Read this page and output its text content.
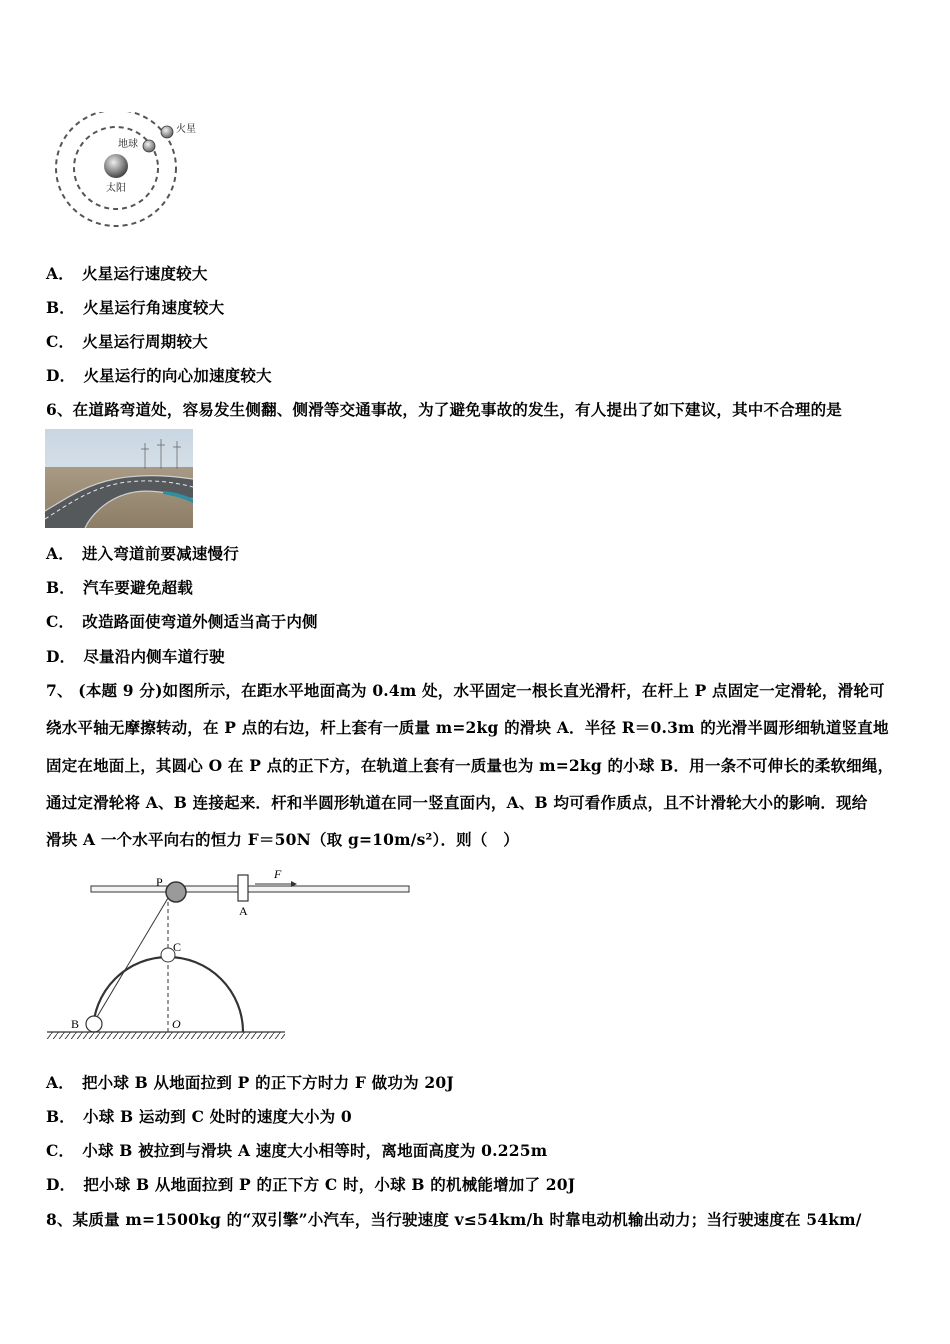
火星
地球
太阳
A． 火星运行速度较大
B． 火星运行角速度较大
C． 火星运行周期较大
D． 火星运行的向心加速度较大
6、在道路弯道处，容易发生侧翻、侧滑等交通事故，为了避免事故的发生，有人提出了如下建议，其中不合理的是
A． 进入弯道前要减速慢行
B． 汽车要避免超载
C． 改造路面使弯道外侧适当高于内侧
D． 尽量沿内侧车道行驶
7、 (本题 9 分)如图所示，在距水平地面高为 0.4m 处，水平固定一根长直光滑杆，在杆上 P 点固定一定滑轮，滑轮可
绕水平轴无摩擦转动，在 P 点的右边，杆上套有一质量 m=2kg 的滑块 A．半径 R＝0.3m 的光滑半圆形细轨道竖直地
固定在地面上，其圆心 O 在 P 点的正下方，在轨道上套有一质量也为 m=2kg 的小球 B．用一条不可伸长的柔软细绳，
通过定滑轮将 A、B 连接起来．杆和半圆形轨道在同一竖直面内，A、B 均可看作质点，且不计滑轮大小的影响．现给
滑块 A 一个水平向右的恒力 F＝50N（取 g=10m/s²）．则（　）
P
A
F
C
B	O
A． 把小球 B 从地面拉到 P 的正下方时力 F 做功为 20J
B． 小球 B 运动到 C 处时的速度大小为 0
C． 小球 B 被拉到与滑块 A 速度大小相等时，离地面高度为 0.225m
D． 把小球 B 从地面拉到 P 的正下方 C 时，小球 B 的机械能增加了 20J
8、某质量 m=1500kg 的“双引擎”小汽车，当行驶速度 v≤54km/h 时靠电动机输出动力；当行驶速度在 54km/
